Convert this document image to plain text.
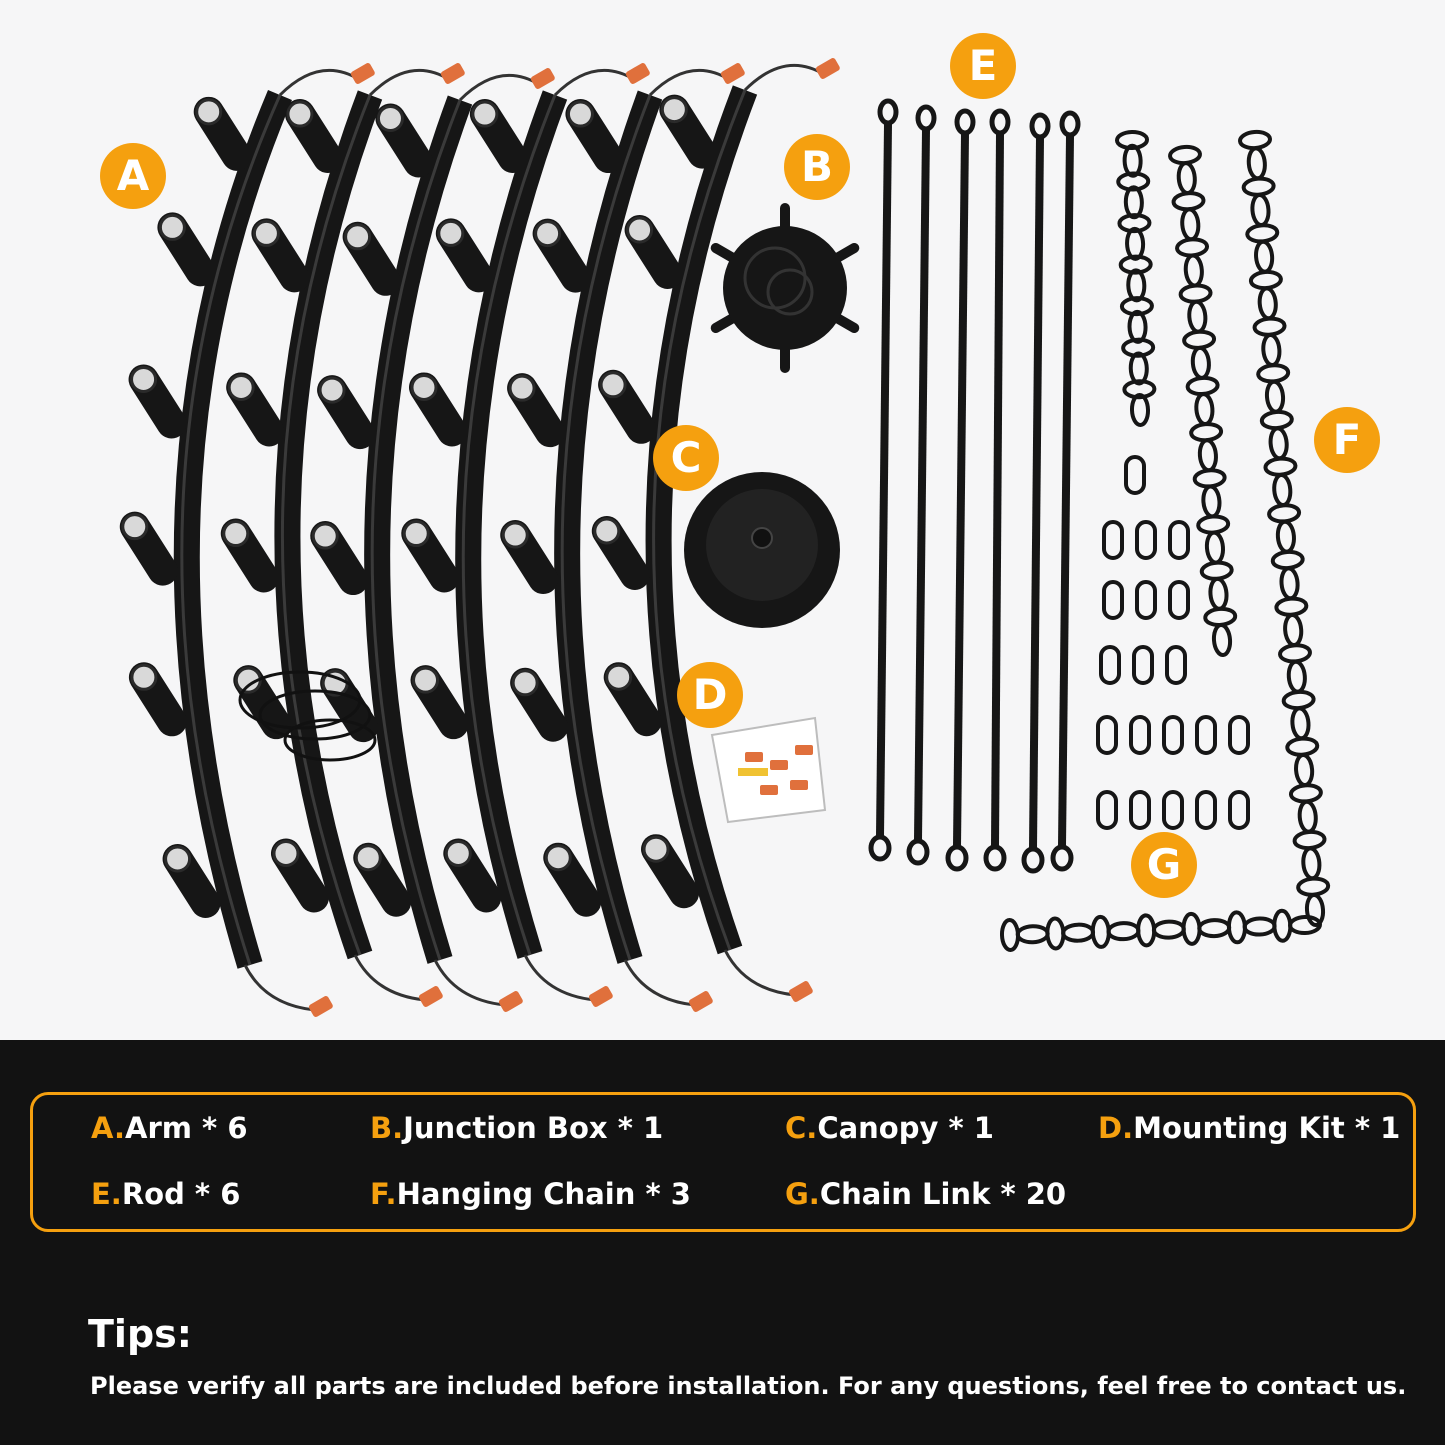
A	B
C
D
E
F
G
A.Arm * 6	B.Junction Box * 1	C.Canopy * 1	D.Mounting Kit * 1
E.Rod * 6	F.Hanging Chain * 3	G.Chain Link * 20
Tips:
Please verify all parts are included before installation. For any questions, feel free to contact us.
